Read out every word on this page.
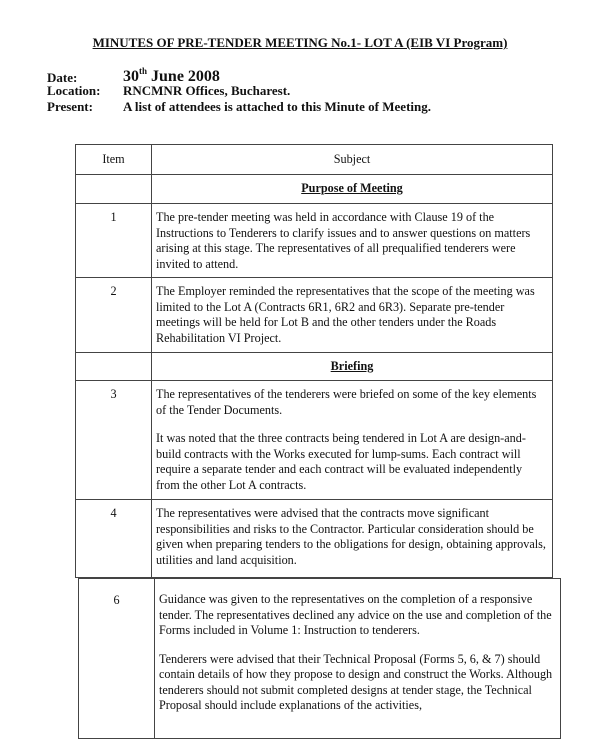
MINUTES OF PRE-TENDER MEETING No.1- LOT A (EIB VI Program)
Date:	30th June 2008
Location: RNCMNR Offices, Bucharest.
Present: A list of attendees is attached to this Minute of Meeting.
Item	Subject
	Purpose of Meeting
1	The pre-tender meeting was held in accordance with Clause 19 of the Instructions to Tenderers to clarify issues and to answer questions on matters arising at this stage. The representatives of all prequalified tenderers were invited to attend.

2	The Employer reminded the representatives that the scope of the meeting was limited to the Lot A (Contracts 6R1, 6R2 and 6R3). Separate pre-tender meetings will be held for Lot B and the other tenders under the Roads Rehabilitation VI Project.

	Briefing
3	The representatives of the tenderers were briefed on some of the key elements of the Tender Documents.

It was noted that the three contracts being tendered in Lot A are design-and-build contracts with the Works executed for lump-sums. Each contract will require a separate tender and each contract will be evaluated independently from the other Lot A contracts.

4	The representatives were advised that the contracts move significant responsibilities and risks to the Contractor. Particular consideration should be given when preparing tenders to the obligations for design, obtaining approvals, utilities and land acquisition.

6	Guidance was given to the representatives on the completion of a responsive tender. The representatives declined any advice on the use and completion of the Forms included in Volume 1: Instruction to tenderers.

Tenderers were advised that their Technical Proposal (Forms 5, 6, & 7) should contain details of how they propose to design and construct the Works. Although tenderers should not submit completed designs at tender stage, the Technical Proposal should include explanations of the activities,
